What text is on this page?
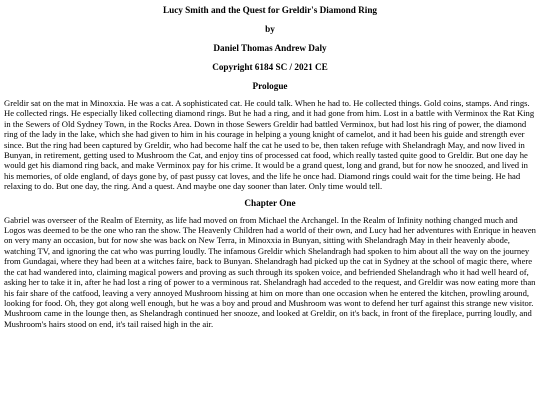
Lucy Smith and the Quest for Greldir's Diamond Ring
by
Daniel Thomas Andrew Daly
Copyright 6184 SC / 2021 CE
Prologue

Greldir sat on the mat in Minoxxia. He was a cat. A sophisticated cat. He could talk. When he had to. He collected things. Gold coins, stamps. And rings. He collected rings. He especially liked collecting diamond rings. But he had a ring, and it had gone from him. Lost in a battle with Verminox the Rat King in the Sewers of Old Sydney Town, in the Rocks Area. Down in those Sewers Greldir had battled Verminox, but had lost his ring of power, the diamond ring of the lady in the lake, which she had given to him in his courage in helping a young knight of camelot, and it had been his guide and strength ever since. But the ring had been captured by Greldir, who had become half the cat he used to be, then taken refuge with Shelandragh May, and now lived in Bunyan, in retirement, getting used to Mushroom the Cat, and enjoy tins of processed cat food, which really tasted quite good to Greldir. But one day he would get his diamond ring back, and make Verminox pay for his crime. It would be a grand quest, long and grand, but for now he snoozed, and lived in his memories, of olde england, of days gone by, of past pussy cat loves, and the life he once had. Diamond rings could wait for the time being. He had relaxing to do. But one day, the ring. And a quest. And maybe one day sooner than later. Only time would tell.

Chapter One

Gabriel was overseer of the Realm of Eternity, as life had moved on from Michael the Archangel. In the Realm of Infinity nothing changed much and Logos was deemed to be the one who ran the show. The Heavenly Children had a world of their own, and Lucy had her adventures with Enrique in heaven on very many an occasion, but for now she was back on New Terra, in Minoxxia in Bunyan, sitting with Shelandragh May in their heavenly abode, watching TV, and ignoring the cat who was purring loudly. The infamous Greldir which Shelandragh had spoken to him about all the way on the journey from Gundagai, where they had been at a witches faire, back to Bunyan. Shelandragh had picked up the cat in Sydney at the school of magic there, where the cat had wandered into, claiming magical powers and proving as such through its spoken voice, and befriended Shelandragh who it had well heard of, asking her to take it in, after he had lost a ring of power to a verminous rat. Shelandragh had acceded to the request, and Greldir was now eating more than his fair share of the catfood, leaving a very annoyed Mushroom hissing at him on more than one occasion when he entered the kitchen, prowling around, looking for food. Oh, they got along well enough, but he was a boy and proud and Mushroom was wont to defend her turf against this strange new visitor. Mushroom came in the lounge then, as Shelandragh continued her snooze, and looked at Greldir, on it's back, in front of the fireplace, purring loudly, and Mushroom's hairs stood on end, it's tail raised high in the air.
